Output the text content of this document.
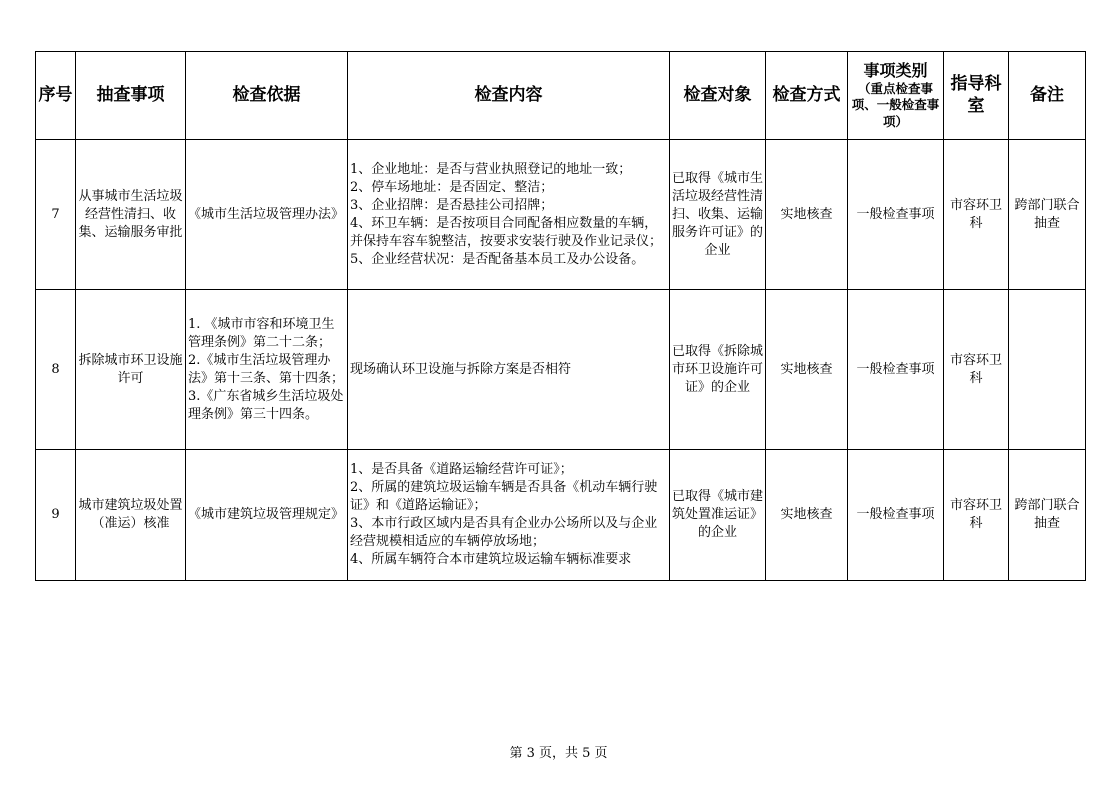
序号	抽查事项	检查依据	检查内容	检查对象	检查方式	事项类别
（重点检查事项、一般检查事项）	指导科室	备注
7	从事城市生活垃圾经营性清扫、收集、运输服务审批	《城市生活垃圾管理办法》	1、企业地址：是否与营业执照登记的地址一致；
2、停车场地址：是否固定、整洁；
3、企业招牌：是否悬挂公司招牌；
4、环卫车辆：是否按项目合同配备相应数量的车辆，并保持车容车貌整洁，按要求安装行驶及作业记录仪；
5、企业经营状况：是否配备基本员工及办公设备。	已取得《城市生活垃圾经营性清扫、收集、运输服务许可证》的企业	实地核查	一般检查事项	市容环卫科	跨部门联合抽查
8	拆除城市环卫设施许可	1. 《城市市容和环境卫生管理条例》第二十二条；
2.《城市生活垃圾管理办法》第十三条、第十四条；
3.《广东省城乡生活垃圾处理条例》第三十四条。	现场确认环卫设施与拆除方案是否相符	已取得《拆除城市环卫设施许可证》的企业	实地核查	一般检查事项	市容环卫科	
9	城市建筑垃圾处置（准运）核准	《城市建筑垃圾管理规定》	1、是否具备《道路运输经营许可证》；
2、所属的建筑垃圾运输车辆是否具备《机动车辆行驶证》和《道路运输证》；
3、本市行政区域内是否具有企业办公场所以及与企业经营规模相适应的车辆停放场地；
4、所属车辆符合本市建筑垃圾运输车辆标准要求	已取得《城市建筑处置准运证》的企业	实地核查	一般检查事项	市容环卫科	跨部门联合抽查
第 3 页，共 5 页
